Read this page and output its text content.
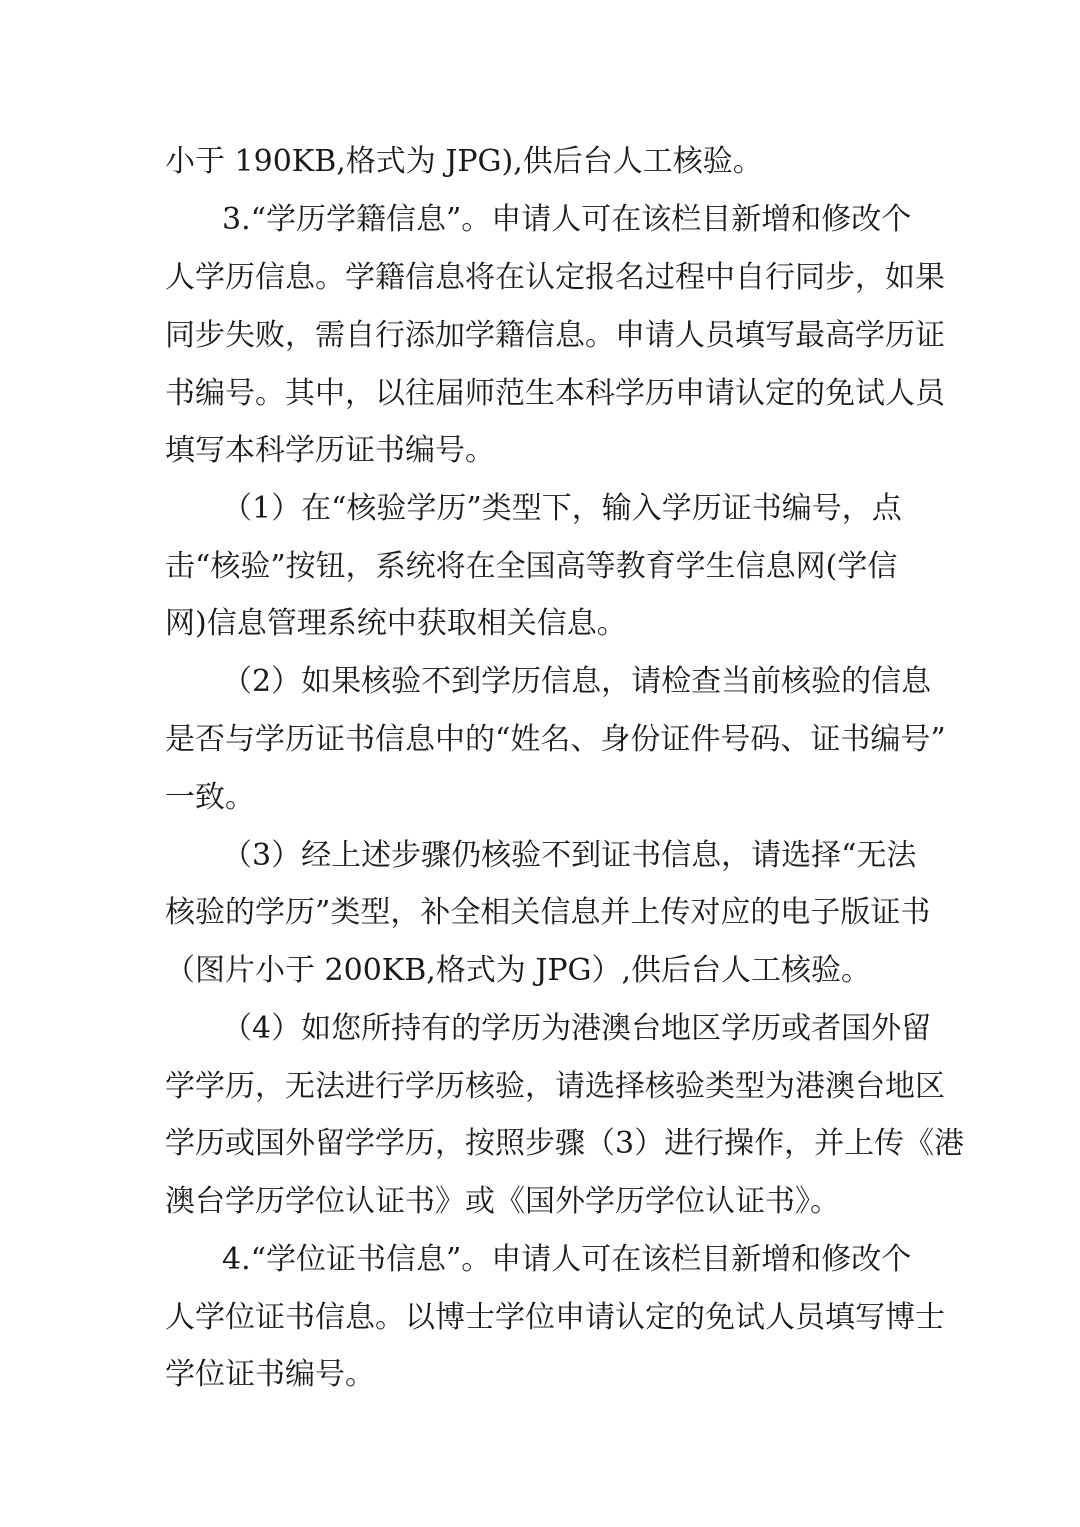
小于 190KB,格式为 JPG),供后台人工核验。
3.“学历学籍信息”。申请人可在该栏目新增和修改个
人学历信息。学籍信息将在认定报名过程中自行同步，如果
同步失败，需自行添加学籍信息。申请人员填写最高学历证
书编号。其中，以往届师范生本科学历申请认定的免试人员
填写本科学历证书编号。
（1）在“核验学历”类型下，输入学历证书编号，点
击“核验”按钮，系统将在全国高等教育学生信息网(学信
网)信息管理系统中获取相关信息。
（2）如果核验不到学历信息，请检查当前核验的信息
是否与学历证书信息中的“姓名、身份证件号码、证书编号”
一致。
（3）经上述步骤仍核验不到证书信息，请选择“无法
核验的学历”类型，补全相关信息并上传对应的电子版证书
（图片小于 200KB,格式为 JPG）,供后台人工核验。
（4）如您所持有的学历为港澳台地区学历或者国外留
学学历，无法进行学历核验，请选择核验类型为港澳台地区
学历或国外留学学历，按照步骤（3）进行操作，并上传《港
澳台学历学位认证书》或《国外学历学位认证书》。
4.“学位证书信息”。申请人可在该栏目新增和修改个
人学位证书信息。以博士学位申请认定的免试人员填写博士
学位证书编号。
